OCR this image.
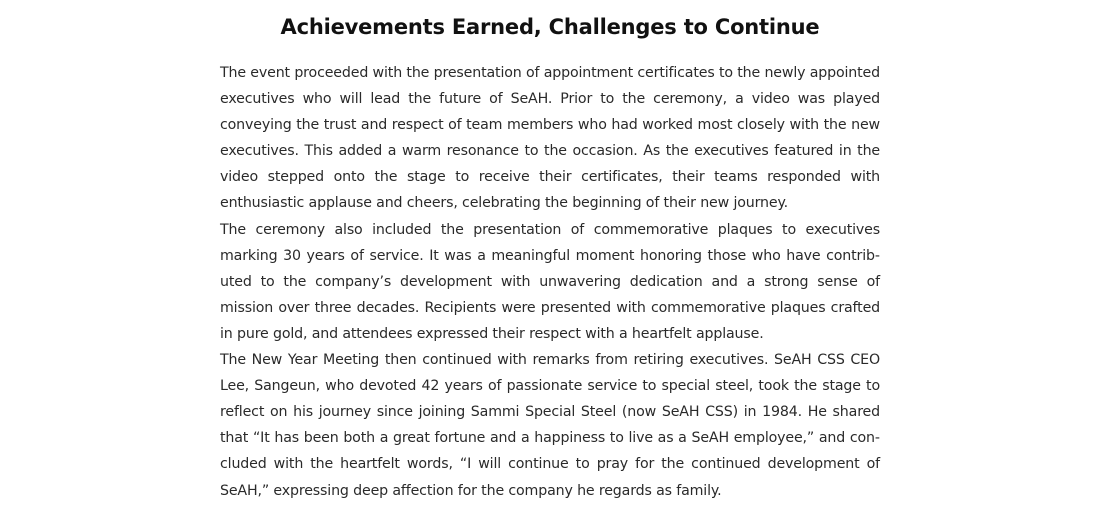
Achievements Earned, Challenges to Continue

The event proceeded with the presentation of appointment certificates to the newly appointed executives who will lead the future of SeAH. Prior to the ceremony, a video was played conveying the trust and respect of team members who had worked most closely with the new executives. This added a warm resonance to the occasion. As the executives featured in the video stepped onto the stage to receive their certificates, their teams responded with enthusiastic applause and cheers, celebrating the beginning of their new journey.

The ceremony also included the presentation of commemorative plaques to executives marking 30 years of service. It was a meaningful moment honoring those who have contributed to the company’s development with unwavering dedication and a strong sense of mission over three decades. Recipients were presented with commemorative plaques crafted in pure gold, and attendees expressed their respect with a heartfelt applause.

The New Year Meeting then continued with remarks from retiring executives. SeAH CSS CEO Lee, Sangeun, who devoted 42 years of passionate service to special steel, took the stage to reflect on his journey since joining Sammi Special Steel (now SeAH CSS) in 1984. He shared that “It has been both a great fortune and a happiness to live as a SeAH employee,” and concluded with the heartfelt words, “I will continue to pray for the continued development of SeAH,” expressing deep affection for the company he regards as family.
